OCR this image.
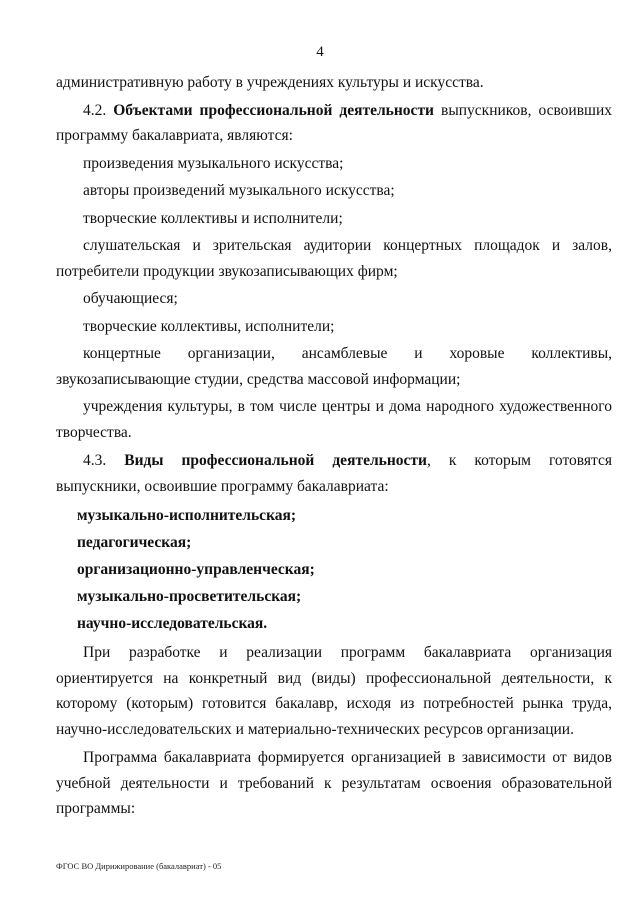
4

административную работу в учреждениях культуры и искусства.

4.2. Объектами профессиональной деятельности выпускников, освоивших программу бакалавриата, являются:

произведения музыкального искусства;

авторы произведений музыкального искусства;

творческие коллективы и исполнители;

слушательская и зрительская аудитории концертных площадок и залов, потребители продукции звукозаписывающих фирм;

обучающиеся;

творческие коллективы, исполнители;

концертные организации, ансамблевые и хоровые коллективы, звукозаписывающие студии, средства массовой информации;

учреждения культуры, в том числе центры и дома народного художественного творчества.

4.3. Виды профессиональной деятельности, к которым готовятся выпускники, освоившие программу бакалавриата:

музыкально-исполнительская;

педагогическая;

организационно-управленческая;

музыкально-просветительская;

научно-исследовательская.

При разработке и реализации программ бакалавриата организация ориентируется на конкретный вид (виды) профессиональной деятельности, к которому (которым) готовится бакалавр, исходя из потребностей рынка труда, научно-исследовательских и материально-технических ресурсов организации.

Программа бакалавриата формируется организацией в зависимости от видов учебной деятельности и требований к результатам освоения образовательной программы:

ФГОС ВО Дирижирование (бакалавриат) - 05
